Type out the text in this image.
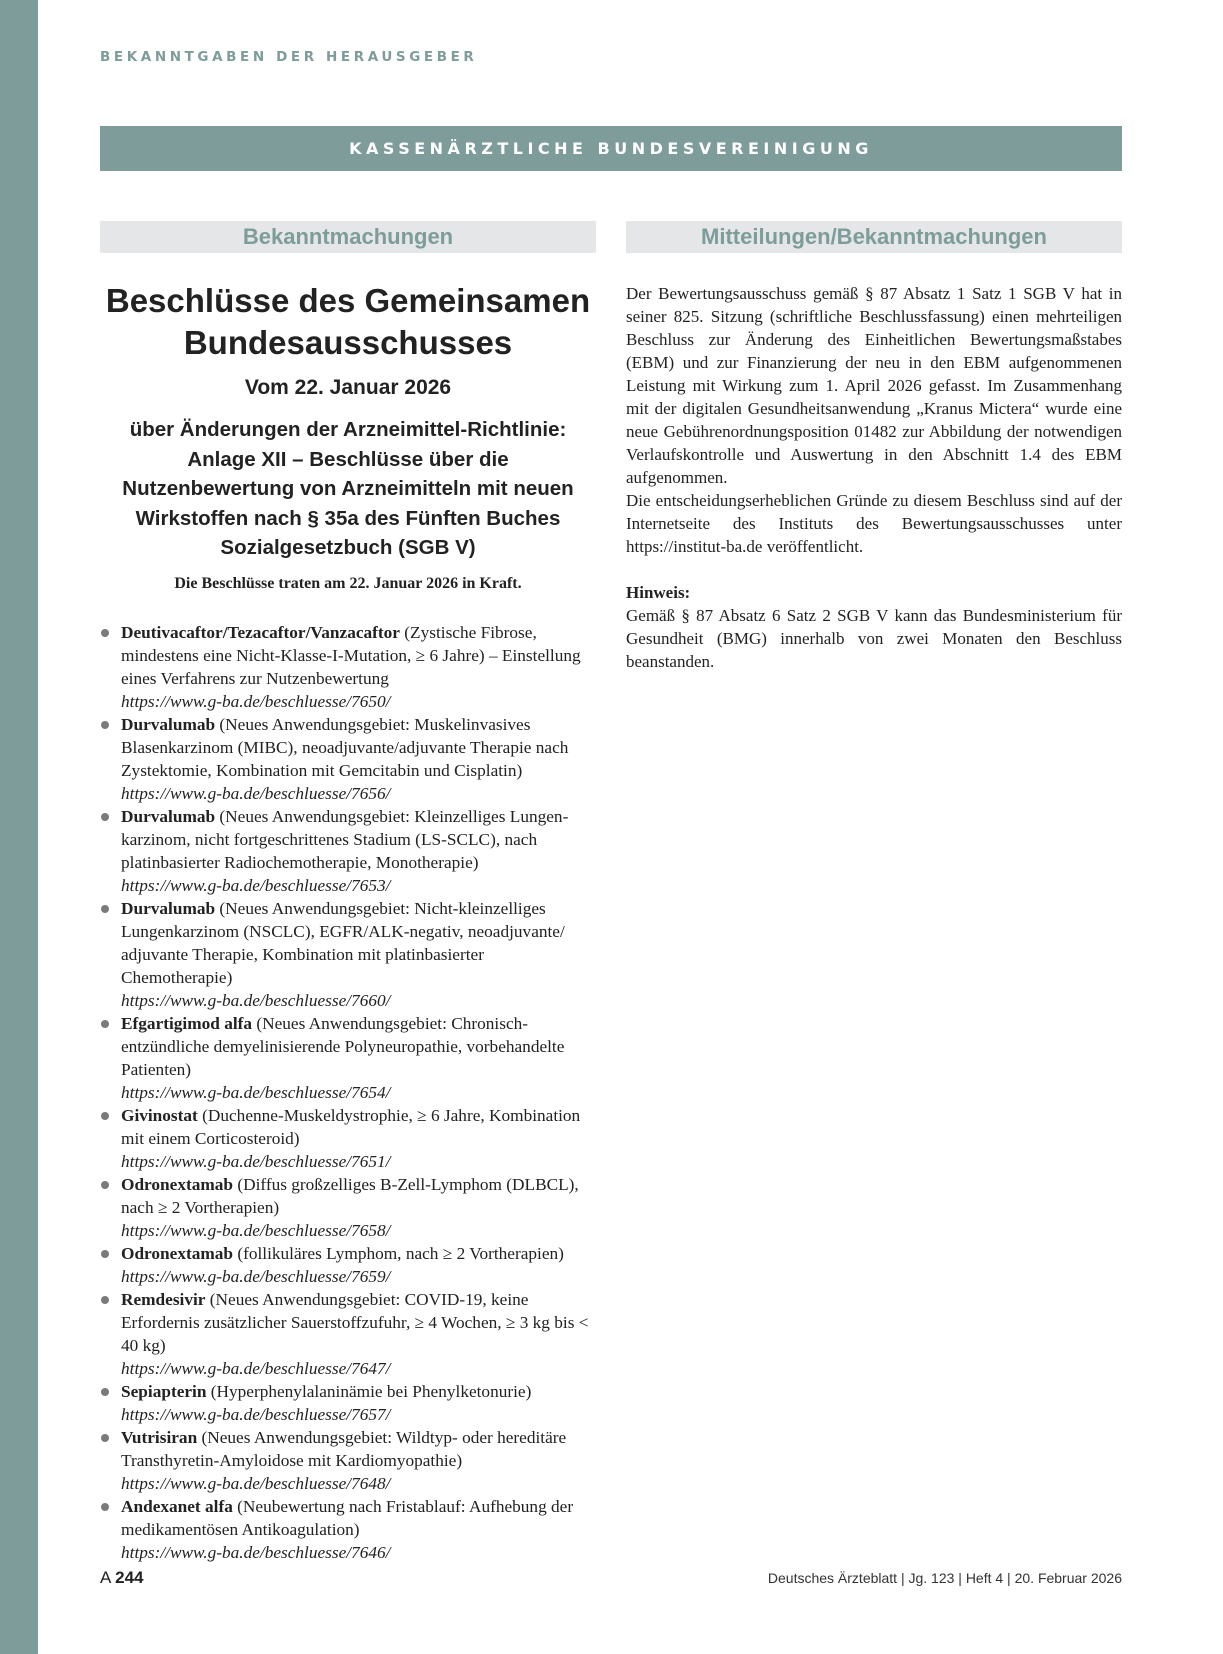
BEKANNTGABEN DER HERAUSGEBER
KASSENÄRZTLICHE BUNDESVEREINIGUNG
Bekanntmachungen
Beschlüsse des Gemeinsamen Bundesausschusses
Vom 22. Januar 2026
über Änderungen der Arzneimittel-Richtlinie: Anlage XII – Beschlüsse über die Nutzenbewertung von Arzneimitteln mit neuen Wirkstoffen nach § 35a des Fünften Buches Sozialgesetzbuch (SGB V)
Die Beschlüsse traten am 22. Januar 2026 in Kraft.
Deutivacaftor/Tezacaftor/Vanzacaftor (Zystische Fibrose, mindestens eine Nicht-Klasse-I-Mutation, ≥ 6 Jahre) – Einstellung eines Verfahrens zur Nutzenbewertung
https://www.g-ba.de/beschluesse/7650/
Durvalumab (Neues Anwendungsgebiet: Muskelinvasives Blasenkarzinom (MIBC), neoadjuvante/adjuvante Therapie nach Zystektomie, Kombination mit Gemcitabin und Cisplatin)
https://www.g-ba.de/beschluesse/7656/
Durvalumab (Neues Anwendungsgebiet: Kleinzelliges Lungenkarzinom, nicht fortgeschrittenes Stadium (LS-SCLC), nach platinbasierter Radiochemotherapie, Monotherapie)
https://www.g-ba.de/beschluesse/7653/
Durvalumab (Neues Anwendungsgebiet: Nicht-kleinzelliges Lungenkarzinom (NSCLC), EGFR/ALK-negativ, neoadjuvante/ adjuvante Therapie, Kombination mit platinbasierter Chemotherapie)
https://www.g-ba.de/beschluesse/7660/
Efgartigimod alfa (Neues Anwendungsgebiet: Chronisch-entzündliche demyelinisierende Polyneuropathie, vorbehandelte Patienten)
https://www.g-ba.de/beschluesse/7654/
Givinostat (Duchenne-Muskeldystrophie, ≥ 6 Jahre, Kombination mit einem Corticosteroid)
https://www.g-ba.de/beschluesse/7651/
Odronextamab (Diffus großzelliges B-Zell-Lymphom (DLBCL), nach ≥ 2 Vortherapien)
https://www.g-ba.de/beschluesse/7658/
Odronextamab (follikuläres Lymphom, nach ≥ 2 Vortherapien)
https://www.g-ba.de/beschluesse/7659/
Remdesivir (Neues Anwendungsgebiet: COVID-19, keine Erfordernis zusätzlicher Sauerstoffzufuhr, ≥ 4 Wochen, ≥ 3 kg bis < 40 kg)
https://www.g-ba.de/beschluesse/7647/
Sepiapterin (Hyperphenylalaninämie bei Phenylketonurie)
https://www.g-ba.de/beschluesse/7657/
Vutrisiran (Neues Anwendungsgebiet: Wildtyp- oder hereditäre Transthyretin-Amyloidose mit Kardiomyopathie)
https://www.g-ba.de/beschluesse/7648/
Andexanet alfa (Neubewertung nach Fristablauf: Aufhebung der medikamentösen Antikoagulation)
https://www.g-ba.de/beschluesse/7646/
Mitteilungen/Bekanntmachungen

Der Bewertungsausschuss gemäß § 87 Absatz 1 Satz 1 SGB V hat in seiner 825. Sitzung (schriftliche Beschlussfassung) einen mehrteiligen Beschluss zur Änderung des Einheitlichen Bewertungsmaßstabes (EBM) und zur Finanzierung der neu in den EBM aufgenommenen Leistung mit Wirkung zum 1. April 2026 gefasst. Im Zusammenhang mit der digitalen Gesundheitsanwendung „Kranus Mictera“ wurde eine neue Gebührenordnungsposition 01482 zur Abbildung der notwendigen Verlaufskontrolle und Auswertung in den Abschnitt 1.4 des EBM aufgenommen.

Die entscheidungserheblichen Gründe zu diesem Beschluss sind auf der Internetseite des Instituts des Bewertungsausschusses unter https://institut-ba.de veröffentlicht.

Hinweis:
Gemäß § 87 Absatz 6 Satz 2 SGB V kann das Bundesministerium für Gesundheit (BMG) innerhalb von zwei Monaten den Beschluss beanstanden.
A 244	Deutsches Ärzteblatt | Jg. 123 | Heft 4 | 20. Februar 2026
